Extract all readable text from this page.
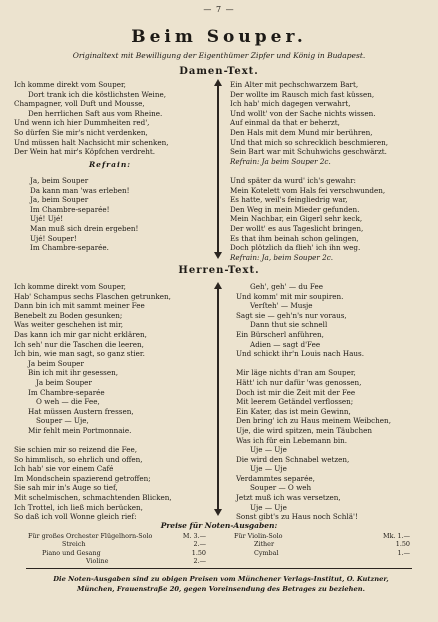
— 7 —
Beim Souper.
Originaltext mit Bewilligung der Eigenthümer Zipfer und König in Budapest.
Damen-Text.
Ich komme direkt vom Souper,
Dort trank ich die köstlichsten Weine,
Champagner, voll Duft und Mousse,
Den herrlichen Saft aus vom Rheine.
Und wenn ich hier Dummheiten red',
So dürfen Sie mir's nicht verdenken,
Und müssen halt Nachsicht mir schenken,
Der Wein hat mir's Köpfchen verdreht.
Refrain:
Ja, beim Souper
Da kann man 'was erleben!
Ja, beim Souper
Im Chambre-separée!
Ujé! Ujé!
Man muß sich drein ergeben!
Ujé! Souper!
Im Chambre-separée.
Ein Alter mit pechschwarzem Bart,
Der wollte im Rausch mich fast küssen,
Ich hab' mich dagegen verwahrt,
Und wollt' von der Sache nichts wissen.
Auf einmal da that er beherzt,
Den Hals mit dem Mund mir berühren,
Und that mich so schrecklich beschmieren,
Sein Bart war mit Schuhwichs geschwärzt.
Refrain: Ja beim Souper 2c.
Und später da wurd' ich's gewahr:
Mein Kotelett vom Hals fei verschwunden,
Es hatte, weil's feingliedrig war,
Den Weg in mein Mieder gefunden.
Mein Nachbar, ein Gigerl sehr keck,
Der wollt' es aus Tageslicht bringen,
Es that ihm beinah schon gelingen,
Doch plötzlich da flieh' ich ihn weg.
Refrain: Ja, beim Souper 2c.
Herren-Text.
Ich komme direkt vom Souper,
Hab' Schampus sechs Flaschen getrunken,
Dann bin ich mit sammt meiner Fee
Benebelt zu Boden gesunken;
Was weiter geschehen ist mir,
Das kann ich mir gar nicht erklären,
Ich seh' nur die Taschen die leeren,
Ich bin, wie man sagt, so ganz stier.
Ja beim Souper
Bin ich mit ihr gesessen,
Ja beim Souper
Im Chambre-separée
O weh — die Fee,
Hat müssen Austern fressen,
Souper — Uje,
Mir fehlt mein Portmonnaie.
Sie schien mir so reizend die Fee,
So himmlisch, so ehrlich und offen,
Ich hab' sie vor einem Café
Im Mondschein spazierend getroffen;
Sie sah mir in's Auge so tief,
Mit schelmischen, schmachtenden Blicken,
Ich Trottel, ich ließ mich berücken,
So daß ich voll Wonne gleich rief:
Geh', geh' — du Fee
Und komm' mit mir soupiren.
Verſteh' — Musje
Sagt sie — geh'n's nur voraus,
Dann thut sie schnell
Ein Bürscherl anführen,
Adien — sagt d'Fee
Und schickt ihr'n Louis nach Haus.
Mir läge nichts d'ran am Souper,
Hätt' ich nur dafür 'was genossen,
Doch ist mir die Zeit mit der Fee
Mit leerem Getändel verflossen;
Ein Kater, das ist mein Gewinn,
Den bring' ich zu Haus meinem Weibchen,
Uje, die wird spitzen, mein Täubchen
Was ich für ein Lebemann bin.
Uje — Uje
Die wird den Schnabel wetzen,
Uje — Uje
Verdammtes separée,
Souper — O weh
Jetzt muß ich was versetzen,
Uje — Uje
Sonst gibt's zu Haus noch Schlä'!
Preise für Noten-Ausgaben:
Für großes Orchester Flügelhorn-Solo	M. 3.—
Streich	2.—
Piano und Gesang	1.50
Violine	2.—
Für Violin-Solo	Mk. 1.—
Zither	1.50
Cymbal	1.—
Die Noten-Ausgaben sind zu obigen Preisen vom Münchener Verlags-Institut, O. Kutzner,
München, Frauenstraße 20, gegen Voreinsendung des Betrages zu beziehen.
